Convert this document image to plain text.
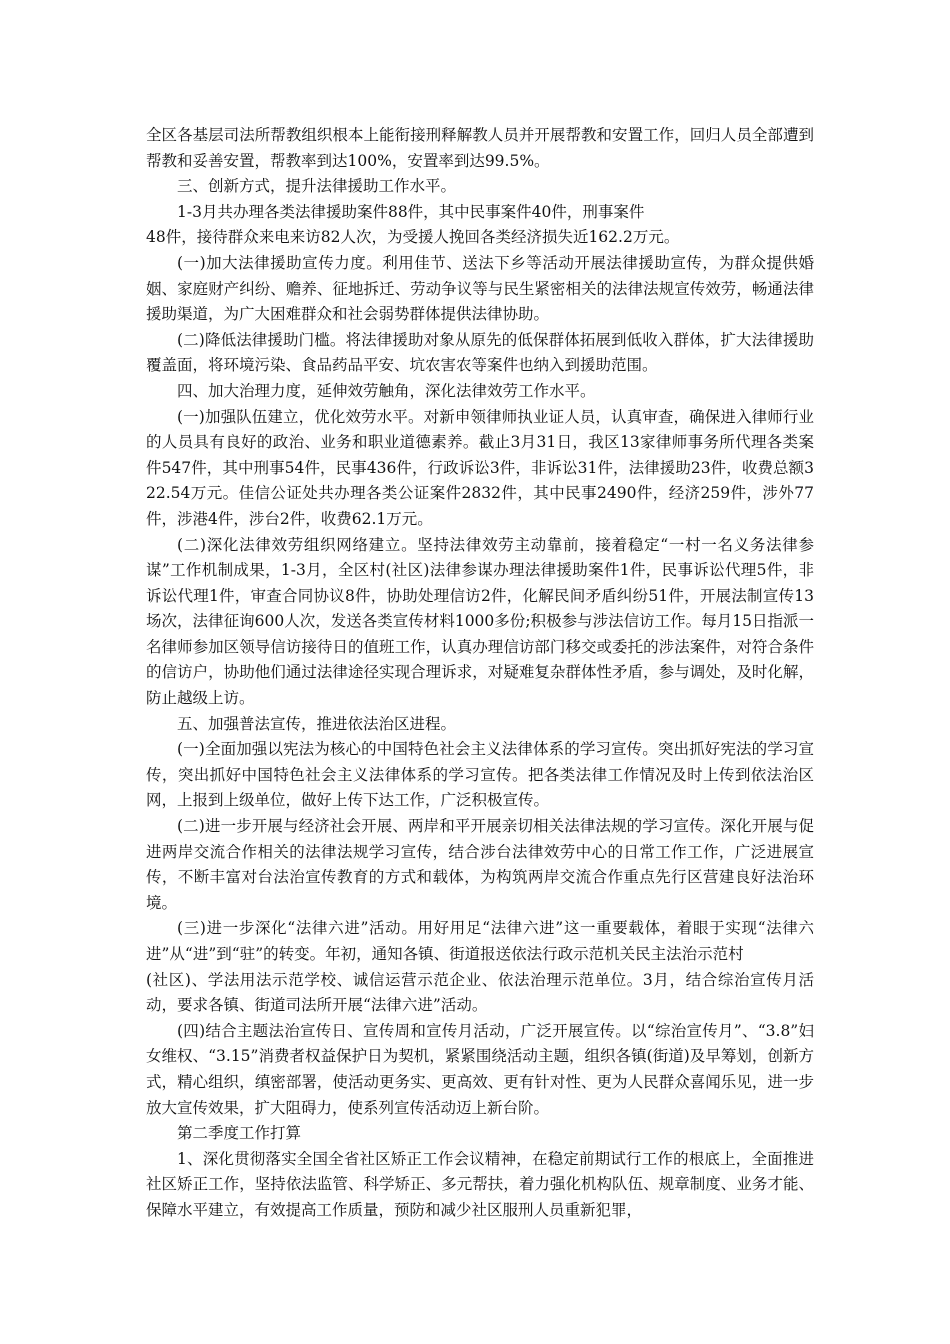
全区各基层司法所帮教组织根本上能衔接刑释解教人员并开展帮教和安置工作，回归人员全部遭到帮教和妥善安置，帮教率到达100%，安置率到达99.5%。

三、创新方式，提升法律援助工作水平。

1-3月共办理各类法律援助案件88件，其中民事案件40件，刑事案件

48件，接待群众来电来访82人次，为受援人挽回各类经济损失近162.2万元。

(一)加大法律援助宣传力度。利用佳节、送法下乡等活动开展法律援助宣传，为群众提供婚姻、家庭财产纠纷、赡养、征地拆迁、劳动争议等与民生紧密相关的法律法规宣传效劳，畅通法律援助渠道，为广大困难群众和社会弱势群体提供法律协助。

(二)降低法律援助门槛。将法律援助对象从原先的低保群体拓展到低收入群体，扩大法律援助覆盖面，将环境污染、食品药品平安、坑农害农等案件也纳入到援助范围。

四、加大治理力度，延伸效劳触角，深化法律效劳工作水平。

(一)加强队伍建立，优化效劳水平。对新申领律师执业证人员，认真审查，确保进入律师行业的人员具有良好的政治、业务和职业道德素养。截止3月31日，我区13家律师事务所代理各类案件547件，其中刑事54件，民事436件，行政诉讼3件，非诉讼31件，法律援助23件，收费总额322.54万元。佳信公证处共办理各类公证案件2832件，其中民事2490件，经济259件，涉外77件，涉港4件，涉台2件，收费62.1万元。

(二)深化法律效劳组织网络建立。坚持法律效劳主动靠前，接着稳定“一村一名义务法律参谋”工作机制成果，1-3月，全区村(社区)法律参谋办理法律援助案件1件，民事诉讼代理5件，非诉讼代理1件，审查合同协议8件，协助处理信访2件，化解民间矛盾纠纷51件，开展法制宣传13场次，法律征询600人次，发送各类宣传材料1000多份;积极参与涉法信访工作。每月15日指派一名律师参加区领导信访接待日的值班工作，认真办理信访部门移交或委托的涉法案件，对符合条件的信访户，协助他们通过法律途径实现合理诉求，对疑难复杂群体性矛盾，参与调处，及时化解，防止越级上访。

五、加强普法宣传，推进依法治区进程。

(一)全面加强以宪法为核心的中国特色社会主义法律体系的学习宣传。突出抓好宪法的学习宣传，突出抓好中国特色社会主义法律体系的学习宣传。把各类法律工作情况及时上传到依法治区网，上报到上级单位，做好上传下达工作，广泛积极宣传。

(二)进一步开展与经济社会开展、两岸和平开展亲切相关法律法规的学习宣传。深化开展与促进两岸交流合作相关的法律法规学习宣传，结合涉台法律效劳中心的日常工作工作，广泛进展宣传，不断丰富对台法治宣传教育的方式和载体，为构筑两岸交流合作重点先行区营建良好法治环境。

(三)进一步深化“法律六进”活动。用好用足“法律六进”这一重要载体，着眼于实现“法律六进”从“进”到“驻”的转变。年初，通知各镇、街道报送依法行政示范机关民主法治示范村

(社区)、学法用法示范学校、诚信运营示范企业、依法治理示范单位。3月，结合综治宣传月活动，要求各镇、街道司法所开展“法律六进”活动。

(四)结合主题法治宣传日、宣传周和宣传月活动，广泛开展宣传。以“综治宣传月”、“3.8”妇女维权、“3.15”消费者权益保护日为契机，紧紧围绕活动主题，组织各镇(街道)及早筹划，创新方式，精心组织，缜密部署，使活动更务实、更高效、更有针对性、更为人民群众喜闻乐见，进一步放大宣传效果，扩大阻碍力，使系列宣传活动迈上新台阶。

第二季度工作打算

1、深化贯彻落实全国全省社区矫正工作会议精神，在稳定前期试行工作的根底上，全面推进社区矫正工作，坚持依法监管、科学矫正、多元帮扶，着力强化机构队伍、规章制度、业务才能、保障水平建立，有效提高工作质量，预防和减少社区服刑人员重新犯罪，
